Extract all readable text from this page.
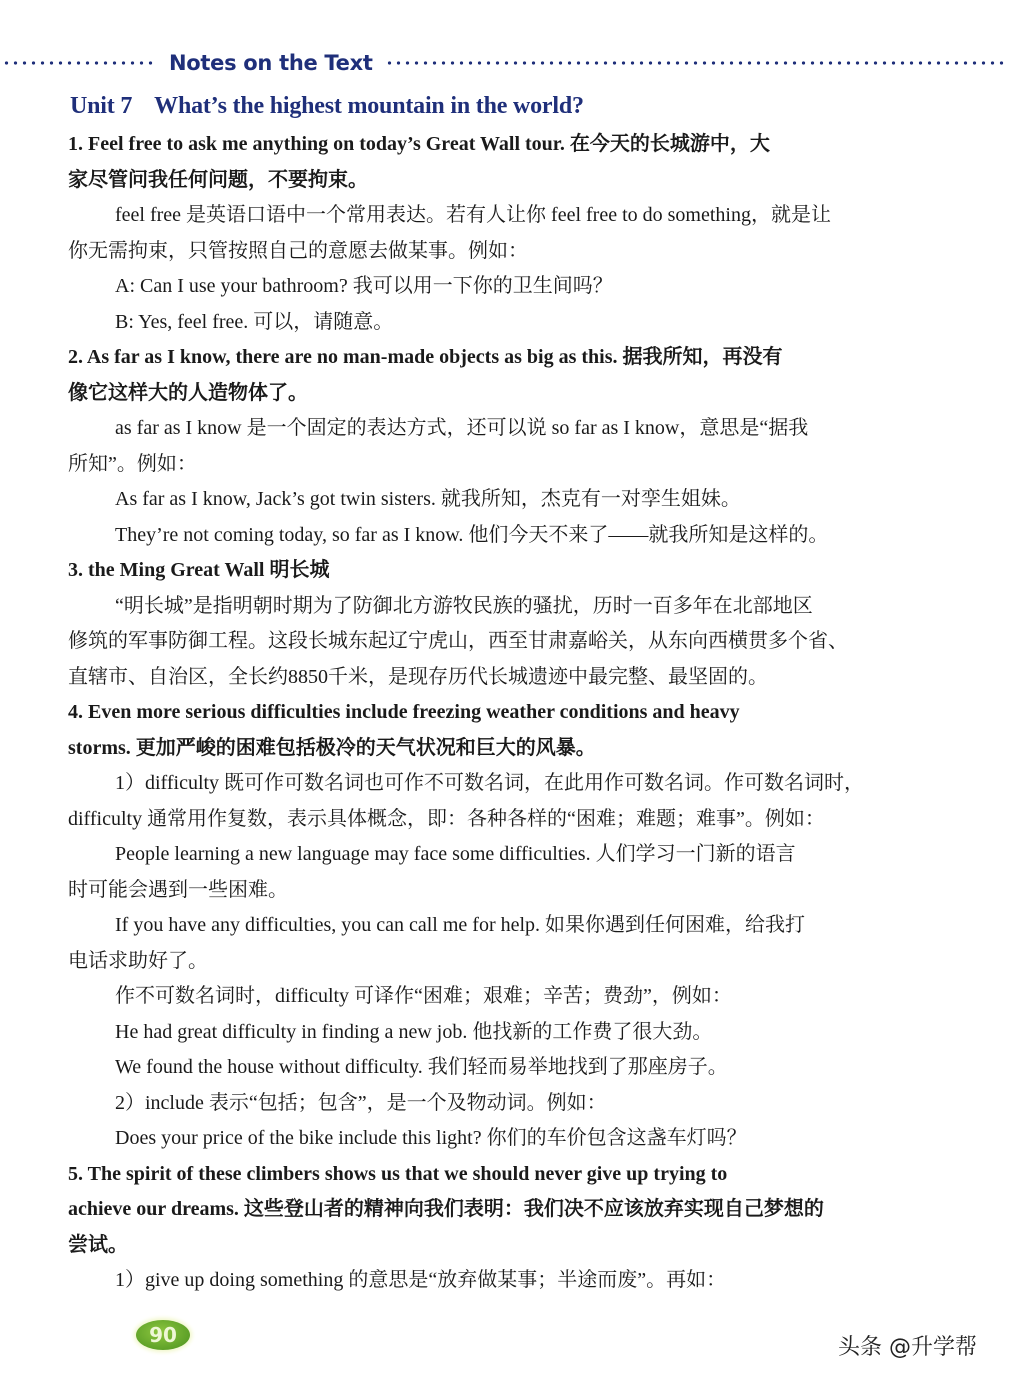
Notes on the Text
Unit 7 What’s the highest mountain in the world?
1. Feel free to ask me anything on today’s Great Wall tour. 在今天的长城游中，大
家尽管问我任何问题，不要拘束。
feel free 是英语口语中一个常用表达。若有人让你 feel free to do something，就是让
你无需拘束，只管按照自己的意愿去做某事。例如：
A: Can I use your bathroom? 我可以用一下你的卫生间吗？
B: Yes, feel free. 可以，请随意。
2. As far as I know, there are no man-made objects as big as this. 据我所知，再没有
像它这样大的人造物体了。
as far as I know 是一个固定的表达方式，还可以说 so far as I know，意思是“据我
所知”。例如：
As far as I know, Jack’s got twin sisters. 就我所知，杰克有一对孪生姐妹。
They’re not coming today, so far as I know. 他们今天不来了——就我所知是这样的。
3. the Ming Great Wall 明长城
“明长城”是指明朝时期为了防御北方游牧民族的骚扰，历时一百多年在北部地区
修筑的军事防御工程。这段长城东起辽宁虎山，西至甘肃嘉峪关，从东向西横贯多个省、
直辖市、自治区，全长约8850千米，是现存历代长城遗迹中最完整、最坚固的。
4. Even more serious difficulties include freezing weather conditions and heavy
storms. 更加严峻的困难包括极冷的天气状况和巨大的风暴。
1）difficulty 既可作可数名词也可作不可数名词，在此用作可数名词。作可数名词时，
difficulty 通常用作复数，表示具体概念，即：各种各样的“困难；难题；难事”。例如：
People learning a new language may face some difficulties. 人们学习一门新的语言
时可能会遇到一些困难。
If you have any difficulties, you can call me for help. 如果你遇到任何困难，给我打
电话求助好了。
作不可数名词时，difficulty 可译作“困难；艰难；辛苦；费劲”，例如：
He had great difficulty in finding a new job. 他找新的工作费了很大劲。
We found the house without difficulty. 我们轻而易举地找到了那座房子。
2）include 表示“包括；包含”，是一个及物动词。例如：
Does your price of the bike include this light? 你们的车价包含这盏车灯吗？
5. The spirit of these climbers shows us that we should never give up trying to
achieve our dreams. 这些登山者的精神向我们表明：我们决不应该放弃实现自己梦想的
尝试。
1）give up doing something 的意思是“放弃做某事；半途而废”。再如：
90	头条 @升学帮
